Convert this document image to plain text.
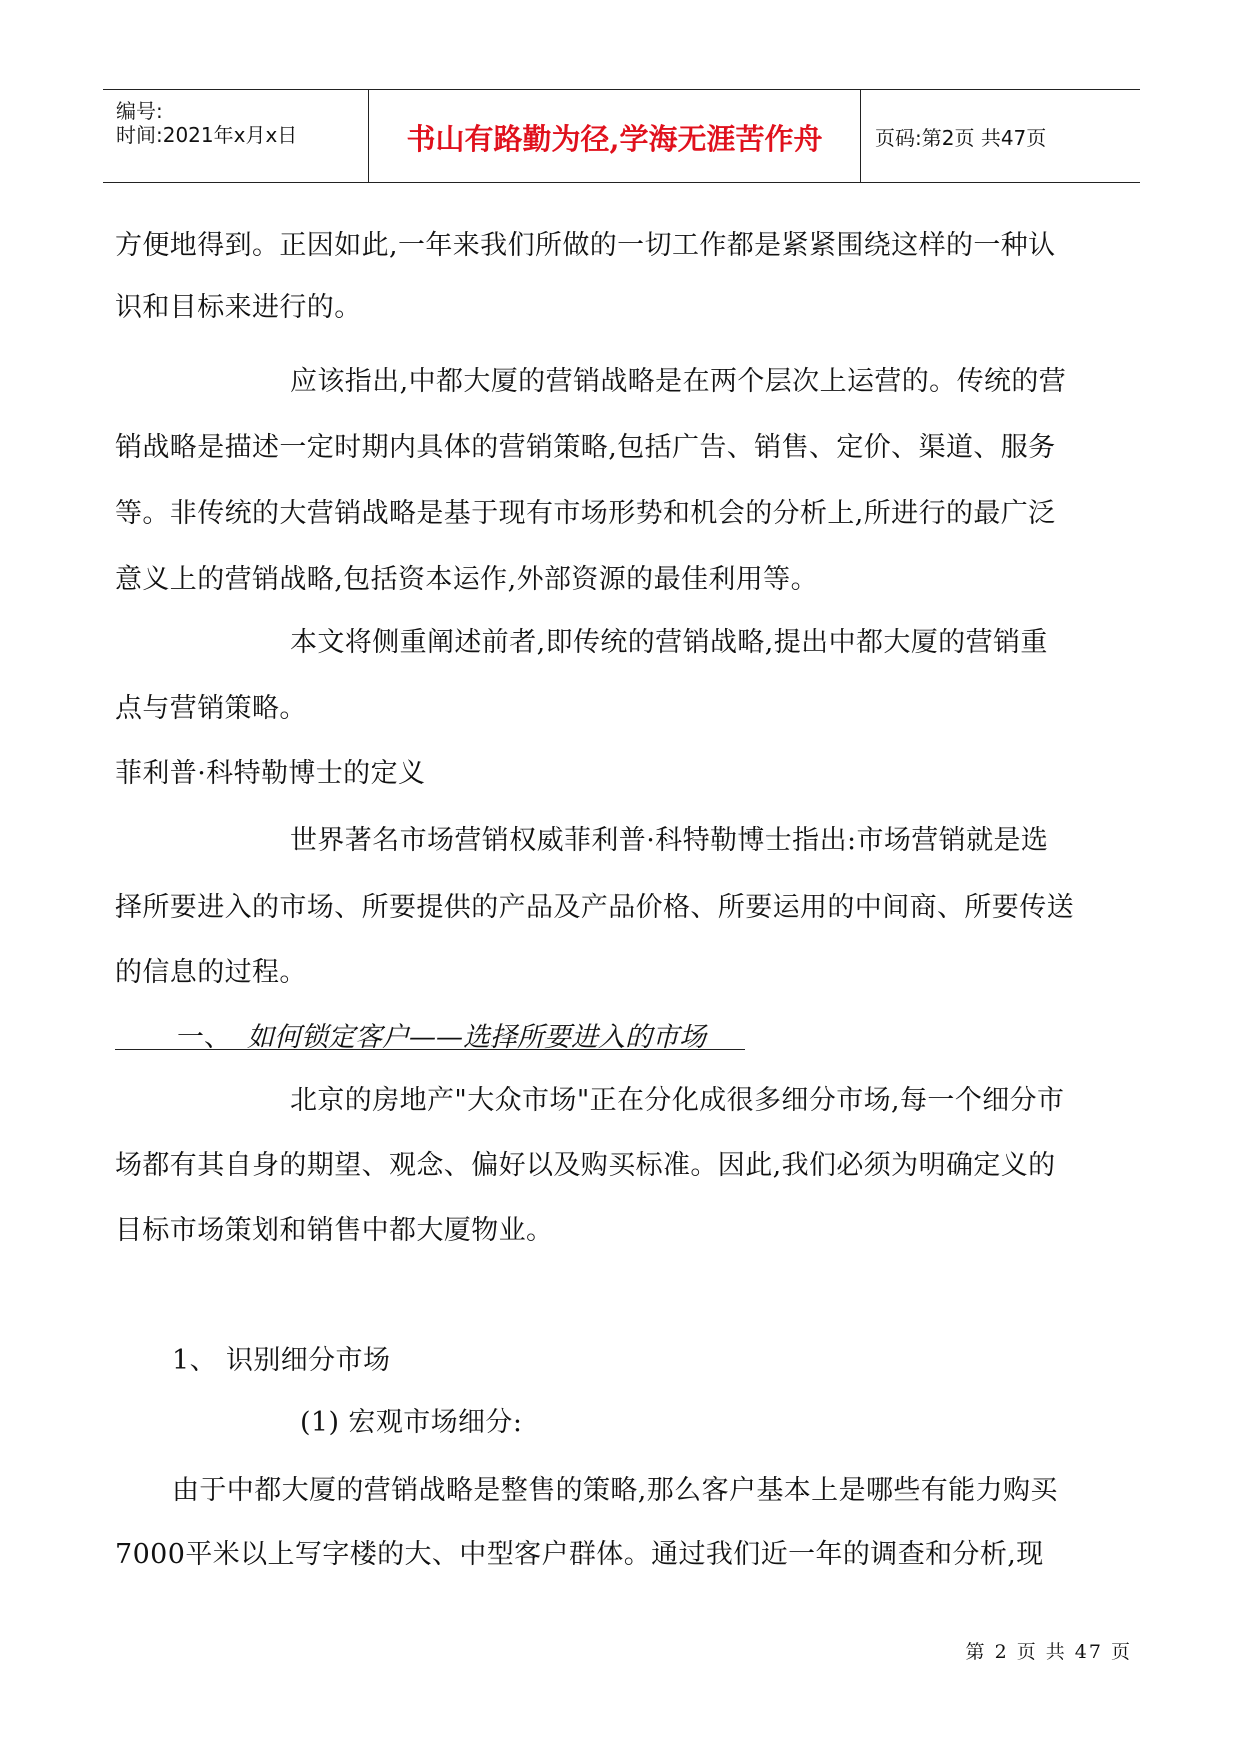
编号:
时间:2021年x月x日	书山有路勤为径,学海无涯苦作舟	页码:第2页 共47页
方便地得到。正因如此,一年来我们所做的一切工作都是紧紧围绕这样的一种认
识和目标来进行的。
应该指出,中都大厦的营销战略是在两个层次上运营的。传统的营
销战略是描述一定时期内具体的营销策略,包括广告、销售、定价、渠道、服务
等。非传统的大营销战略是基于现有市场形势和机会的分析上,所进行的最广泛
意义上的营销战略,包括资本运作,外部资源的最佳利用等。
本文将侧重阐述前者,即传统的营销战略,提出中都大厦的营销重
点与营销策略。
菲利普·科特勒博士的定义
世界著名市场营销权威菲利普·科特勒博士指出:市场营销就是选
择所要进入的市场、所要提供的产品及产品价格、所要运用的中间商、所要传送
的信息的过程。
一、 如何锁定客户——选择所要进入的市场
北京的房地产"大众市场"正在分化成很多细分市场,每一个细分市
场都有其自身的期望、观念、偏好以及购买标准。因此,我们必须为明确定义的
目标市场策划和销售中都大厦物业。
1、 识别细分市场
(1) 宏观市场细分:
由于中都大厦的营销战略是整售的策略,那么客户基本上是哪些有能力购买
7000平米以上写字楼的大、中型客户群体。通过我们近一年的调查和分析,现
第 2 页 共 47 页
